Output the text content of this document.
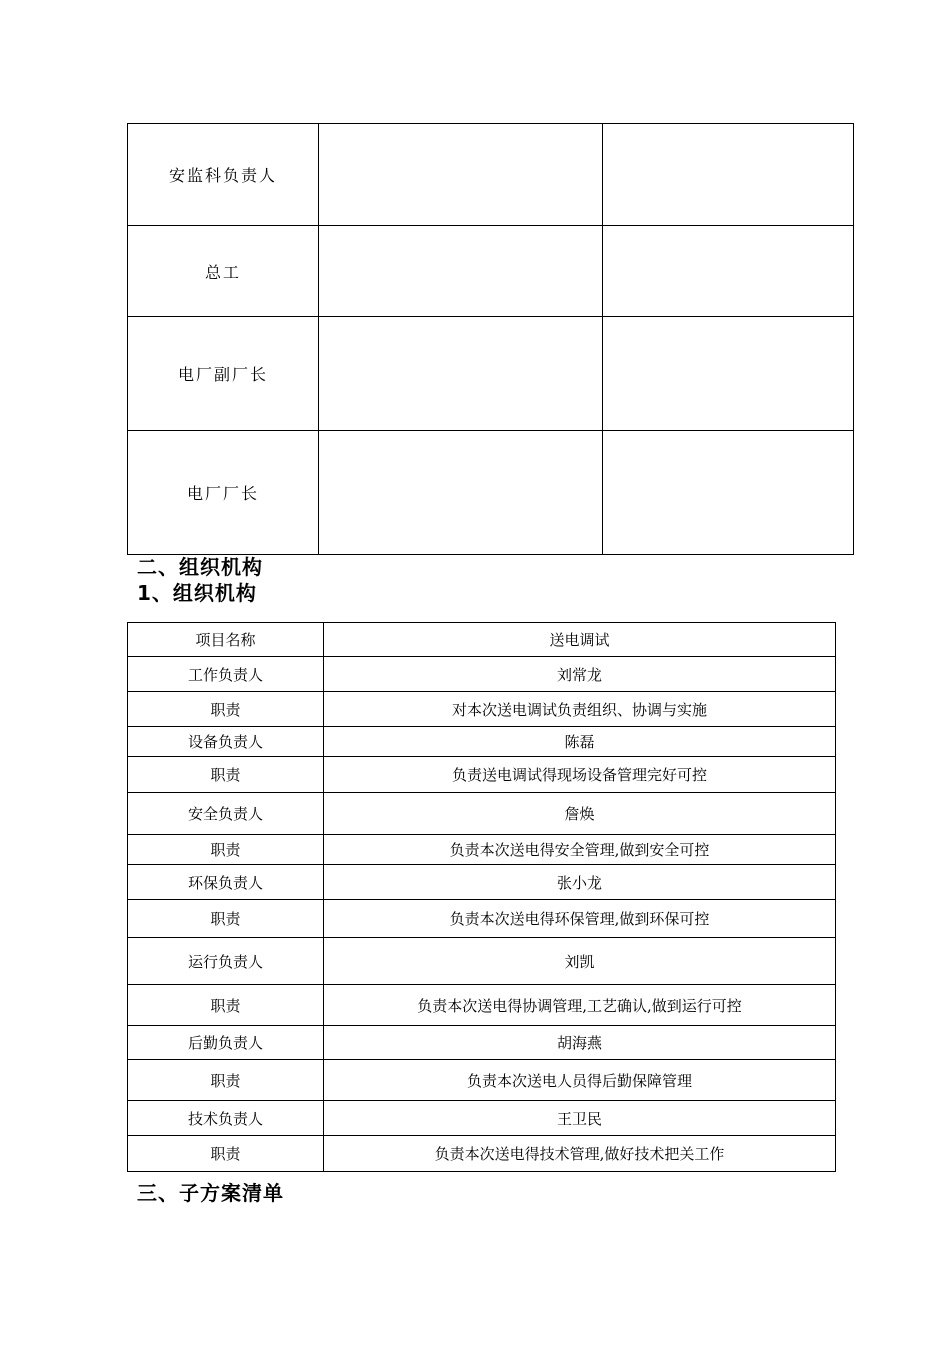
安监科负责人		
总工		
电厂副厂长		
电厂厂长		
二、组织机构
1、组织机构
项目名称	送电调试
工作负责人	刘常龙
职责	对本次送电调试负责组织、协调与实施
设备负责人	陈磊
职责	负责送电调试得现场设备管理完好可控
安全负责人	詹焕
职责	负责本次送电得安全管理,做到安全可控
环保负责人	张小龙
职责	负责本次送电得环保管理,做到环保可控
运行负责人	刘凯
职责	负责本次送电得协调管理,工艺确认,做到运行可控
后勤负责人	胡海燕
职责	负责本次送电人员得后勤保障管理
技术负责人	王卫民
职责	负责本次送电得技术管理,做好技术把关工作
三、子方案清单
